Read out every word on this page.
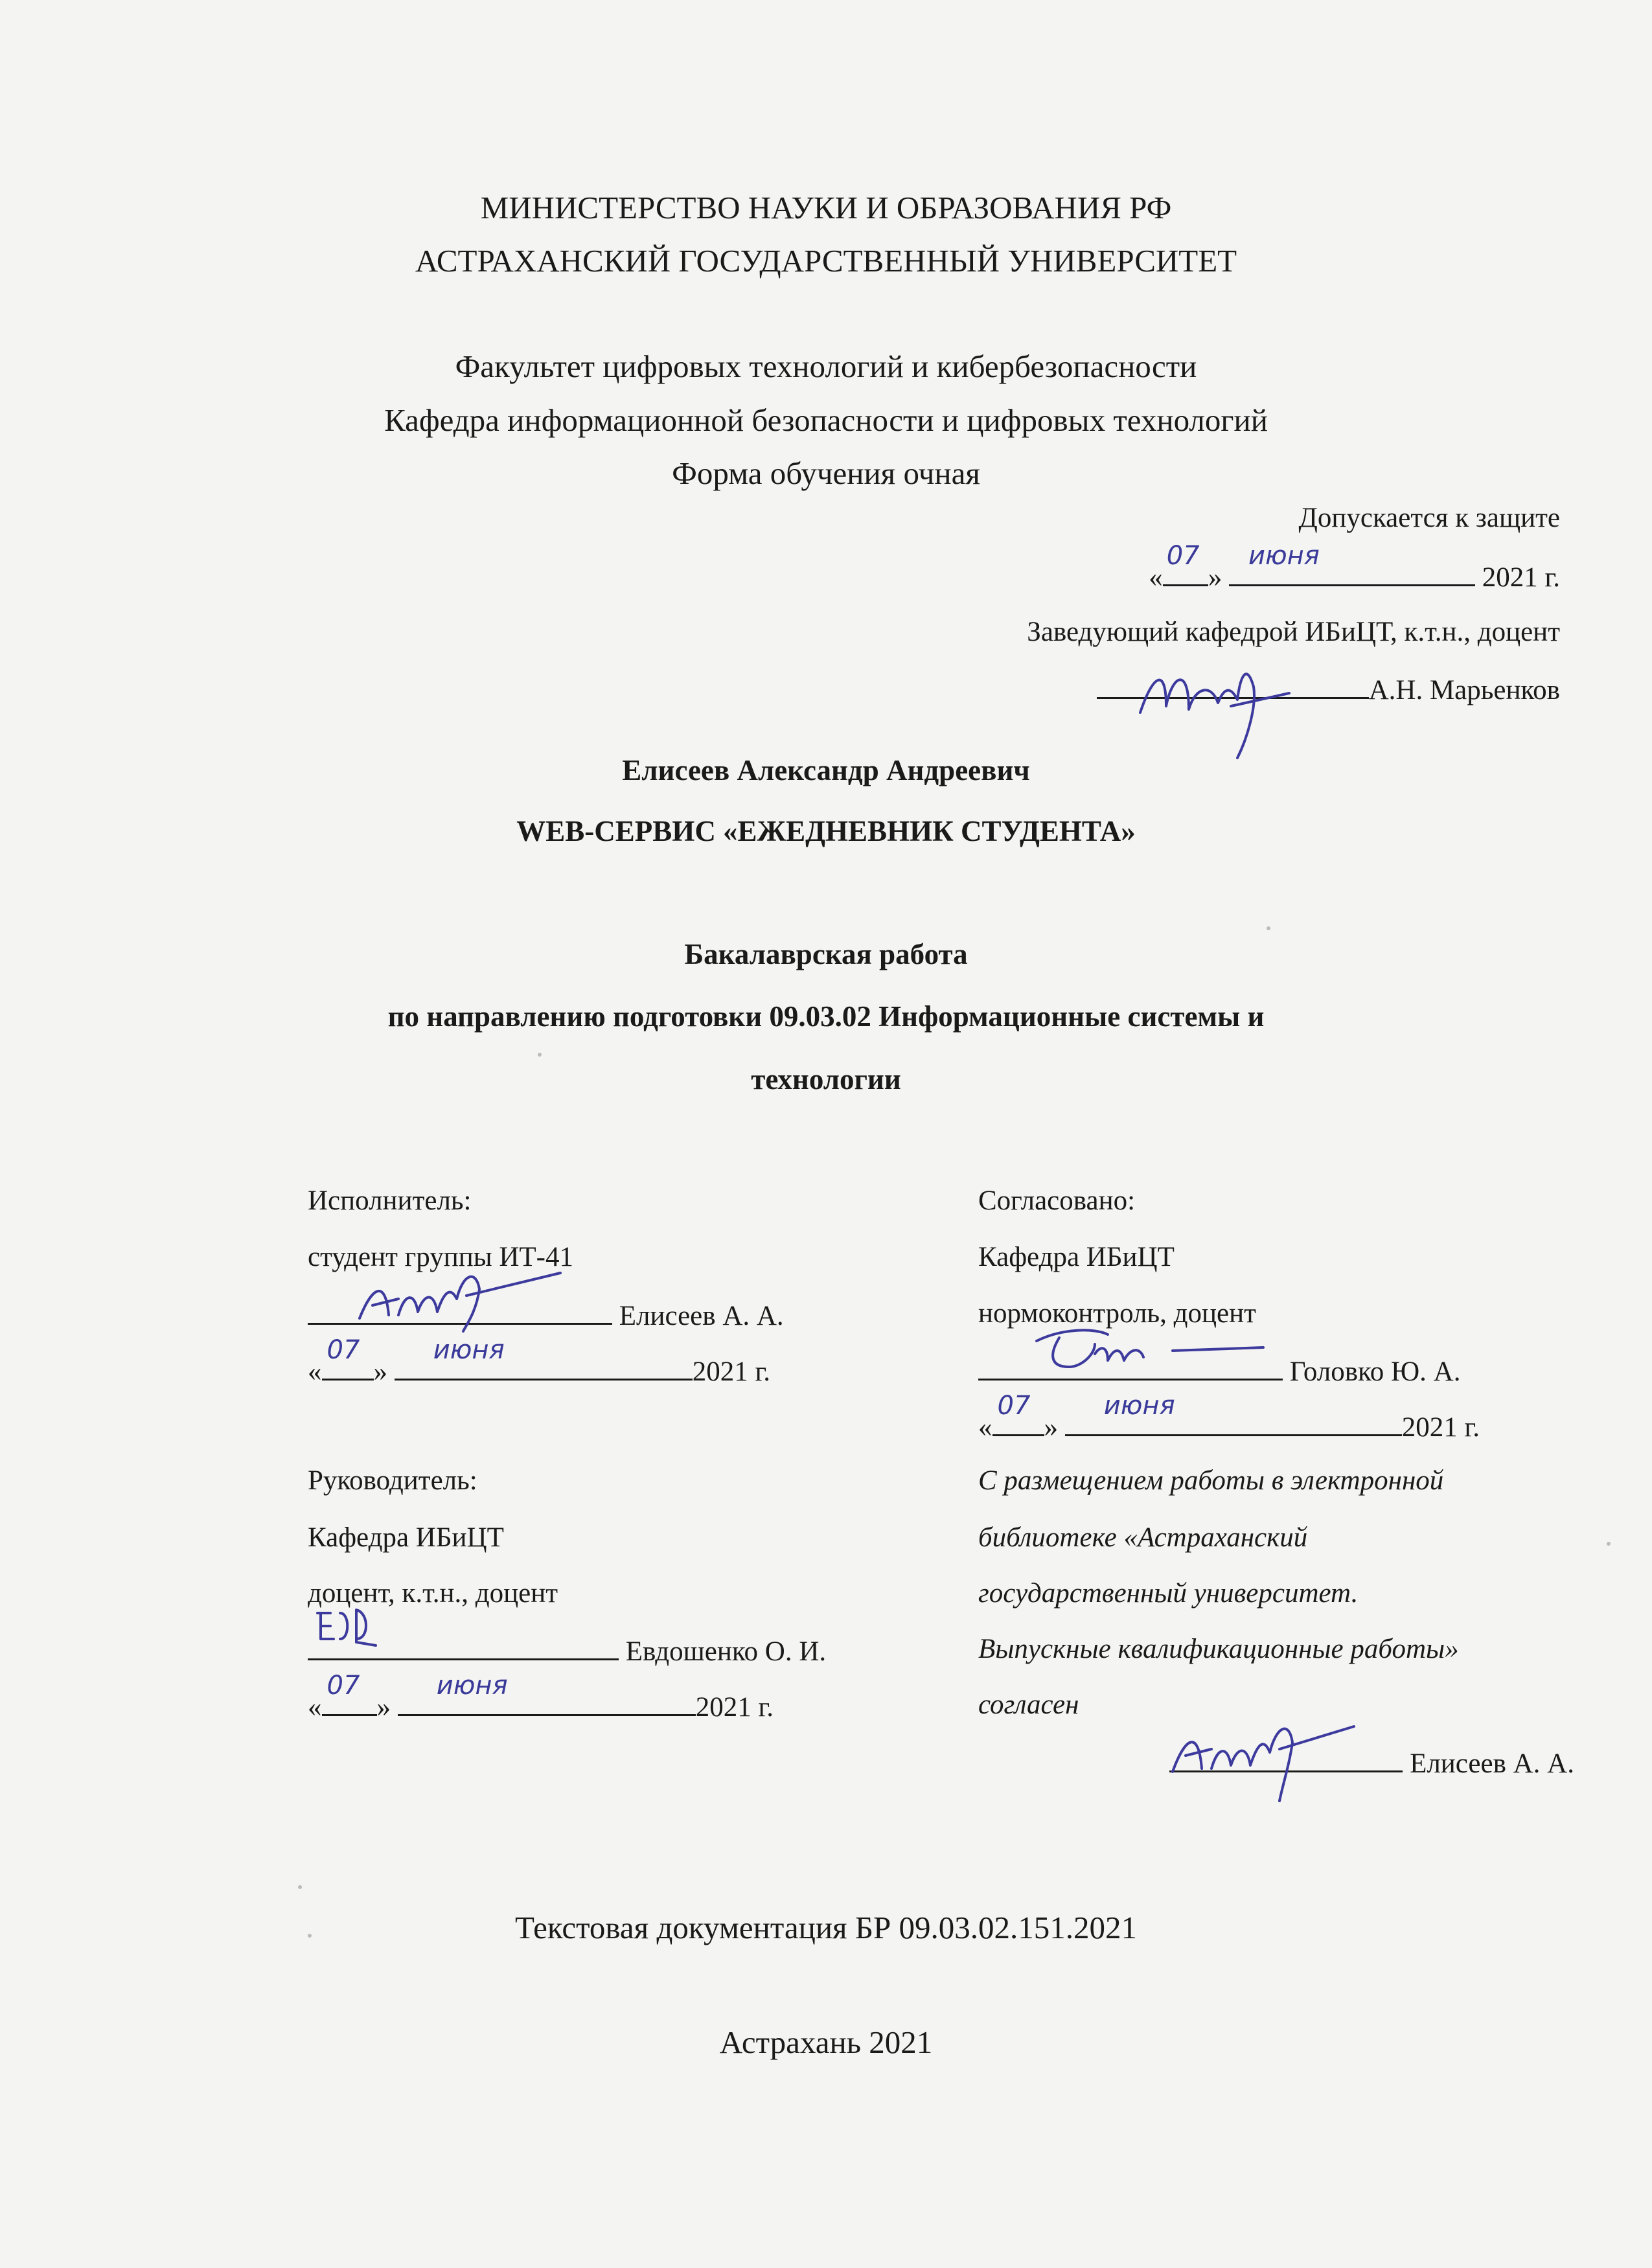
МИНИСТЕРСТВО НАУКИ И ОБРАЗОВАНИЯ РФ
АСТРАХАНСКИЙ ГОСУДАРСТВЕННЫЙ УНИВЕРСИТЕТ
Факультет цифровых технологий и кибербезопасности
Кафедра информационной безопасности и цифровых технологий
Форма обучения очная
Допускается к защите
«
07
»
июня
2021 г.
Заведующий кафедрой ИБиЦТ, к.т.н., доцент
А.Н. Марьенков
Елисеев Александр Андреевич
WEB-СЕРВИС «ЕЖЕДНЕВНИК СТУДЕНТА»
Бакалаврская работа
по направлению подготовки 09.03.02 Информационные системы и
технологии
Исполнитель:
студент группы ИТ-41
Елисеев А. А.
«
07
»
июня
2021 г.
Руководитель:
Кафедра ИБиЦТ
доцент, к.т.н., доцент
Евдошенко О. И.
«
07
»
июня
2021 г.
Согласовано:
Кафедра ИБиЦТ
нормоконтроль, доцент
Головко Ю. А.
«
07
»
июня
2021 г.
С размещением работы в электронной
библиотеке «Астраханский
государственный университет.
Выпускные квалификационные работы»
согласен
Елисеев А. А.
Текстовая документация БР 09.03.02.151.2021
Астрахань 2021
